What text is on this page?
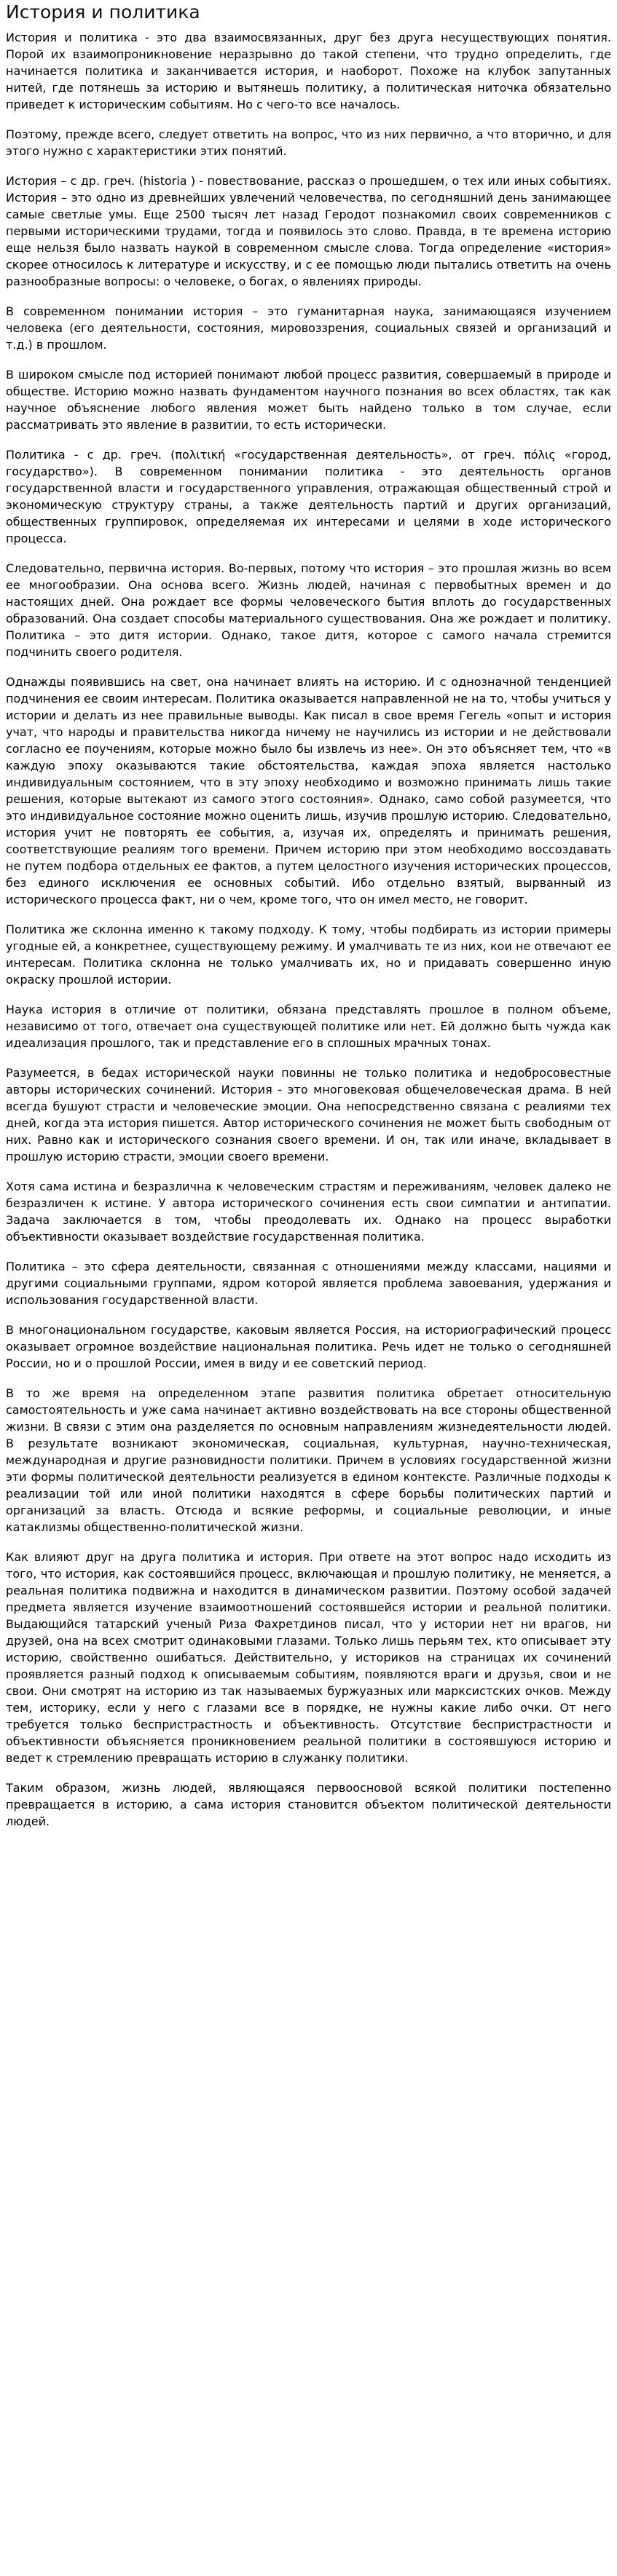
История и политика

История и политика - это два взаимосвязанных, друг без друга несуществующих понятия. Порой их взаимопроникновение неразрывно до такой степени, что трудно определить, где начинается политика и заканчивается история, и наоборот. Похоже на клубок запутанных нитей, где потянешь за историю и вытянешь политику, а политическая ниточка обязательно приведет к историческим событиям. Но с чего-то все началось.

Поэтому, прежде всего, следует ответить на вопрос, что из них первично, а что вторично, и для этого нужно с характеристики этих понятий.

История – с др. греч. (historia ) - повествование, рассказ о прошедшем, о тех или иных событиях. История – это одно из древнейших увлечений человечества, по сегодняшний день занимающее самые светлые умы. Еще 2500 тысяч лет назад Геродот познакомил своих современников с первыми историческими трудами, тогда и появилось это слово. Правда, в те времена историю еще нельзя было назвать наукой в современном смысле слова. Тогда определение «история» скорее относилось к литературе и искусству, и с ее помощью люди пытались ответить на очень разнообразные вопросы: о человеке, о богах, о явлениях природы.

В современном понимании история – это гуманитарная наука, занимающаяся изучением человека (его деятельности, состояния, мировоззрения, социальных связей и организаций и т.д.) в прошлом.

В широком смысле под историей понимают любой процесс развития, совершаемый в природе и обществе. Историю можно назвать фундаментом научного познания во всех областях, так как научное объяснение любого явления может быть найдено только в том случае, если рассматривать это явление в развитии, то есть исторически.

Политика - с др. греч. (πολιτική «государственная деятельность», от греч. πόλις «город, государство»). В современном понимании политика - это деятельность органов государственной власти и государственного управления, отражающая общественный строй и экономическую структуру страны, а также деятельность партий и других организаций, общественных группировок, определяемая их интересами и целями в ходе исторического процесса.

Следовательно, первична история. Во-первых, потому что история – это прошлая жизнь во всем ее многообразии. Она основа всего. Жизнь людей, начиная с первобытных времен и до настоящих дней. Она рождает все формы человеческого бытия вплоть до государственных образований. Она создает способы материального существования. Она же рождает и политику. Политика – это дитя истории. Однако, такое дитя, которое с самого начала стремится подчинить своего родителя.

Однажды появившись на свет, она начинает влиять на историю. И с однозначной тенденцией подчинения ее своим интересам. Политика оказывается направленной не на то, чтобы учиться у истории и делать из нее правильные выводы. Как писал в свое время Гегель «опыт и история учат, что народы и правительства никогда ничему не научились из истории и не действовали согласно ее поучениям, которые можно было бы извлечь из нее». Он это объясняет тем, что «в каждую эпоху оказываются такие обстоятельства, каждая эпоха является настолько индивидуальным состоянием, что в эту эпоху необходимо и возможно принимать лишь такие решения, которые вытекают из самого этого состояния». Однако, само собой разумеется, что это индивидуальное состояние можно оценить лишь, изучив прошлую историю. Следовательно, история учит не повторять ее события, а, изучая их, определять и принимать решения, соответствующие реалиям того времени. Причем историю при этом необходимо воссоздавать не путем подбора отдельных ее фактов, а путем целостного изучения исторических процессов, без единого исключения ее основных событий. Ибо отдельно взятый, вырванный из исторического процесса факт, ни о чем, кроме того, что он имел место, не говорит.

Политика же склонна именно к такому подходу. К тому, чтобы подбирать из истории примеры угодные ей, а конкретнее, существующему режиму. И умалчивать те из них, кои не отвечают ее интересам. Политика склонна не только умалчивать их, но и придавать совершенно иную окраску прошлой истории.

Наука история в отличие от политики, обязана представлять прошлое в полном объеме, независимо от того, отвечает она существующей политике или нет. Ей должно быть чужда как идеализация прошлого, так и представление его в сплошных мрачных тонах.

Разумеется, в бедах исторической науки повинны не только политика и недобросовестные авторы исторических сочинений. История - это многовековая общечеловеческая драма. В ней всегда бушуют страсти и человеческие эмоции. Она непосредственно связана с реалиями тех дней, когда эта история пишется. Автор исторического сочинения не может быть свободным от них. Равно как и исторического сознания своего времени. И он, так или иначе, вкладывает в прошлую историю страсти, эмоции своего времени.

Хотя сама истина и безразлична к человеческим страстям и переживаниям, человек далеко не безразличен к истине. У автора исторического сочинения есть свои симпатии и антипатии. Задача заключается в том, чтобы преодолевать их. Однако на процесс выработки объективности оказывает воздействие государственная политика.

Политика – это сфера деятельности, связанная с отношениями между классами, нациями и другими социальными группами, ядром которой является проблема завоевания, удержания и использования государственной власти.

В многонациональном государстве, каковым является Россия, на историографический процесс оказывает огромное воздействие национальная политика. Речь идет не только о сегодняшней России, но и о прошлой России, имея в виду и ее советский период.

В то же время на определенном этапе развития политика обретает относительную самостоятельность и уже сама начинает активно воздействовать на все стороны общественной жизни. В связи с этим она разделяется по основным направлениям жизнедеятельности людей. В результате возникают экономическая, социальная, культурная, научно-техническая, международная и другие разновидности политики. Причем в условиях государственной жизни эти формы политической деятельности реализуется в едином контексте. Различные подходы к реализации той или иной политики находятся в сфере борьбы политических партий и организаций за власть. Отсюда и всякие реформы, и социальные революции, и иные катаклизмы общественно-политической жизни.

Как влияют друг на друга политика и история. При ответе на этот вопрос надо исходить из того, что история, как состоявшийся процесс, включающая и прошлую политику, не меняется, а реальная политика подвижна и находится в динамическом развитии. Поэтому особой задачей предмета является изучение взаимоотношений состоявшейся истории и реальной политики. Выдающийся татарский ученый Риза Фахретдинов писал, что у истории нет ни врагов, ни друзей, она на всех смотрит одинаковыми глазами. Только лишь перьям тех, кто описывает эту историю, свойственно ошибаться. Действительно, у историков на страницах их сочинений проявляется разный подход к описываемым событиям, появляются враги и друзья, свои и не свои. Они смотрят на историю из так называемых буржуазных или марксистских очков. Между тем, историку, если у него с глазами все в порядке, не нужны какие либо очки. От него требуется только беспристрастность и объективность. Отсутствие беспристрастности и объективности объясняется проникновением реальной политики в состоявшуюся историю и ведет к стремлению превращать историю в служанку политики.

Таким образом, жизнь людей, являющаяся первоосновой всякой политики постепенно превращается в историю, а сама история становится объектом политической деятельности людей.
